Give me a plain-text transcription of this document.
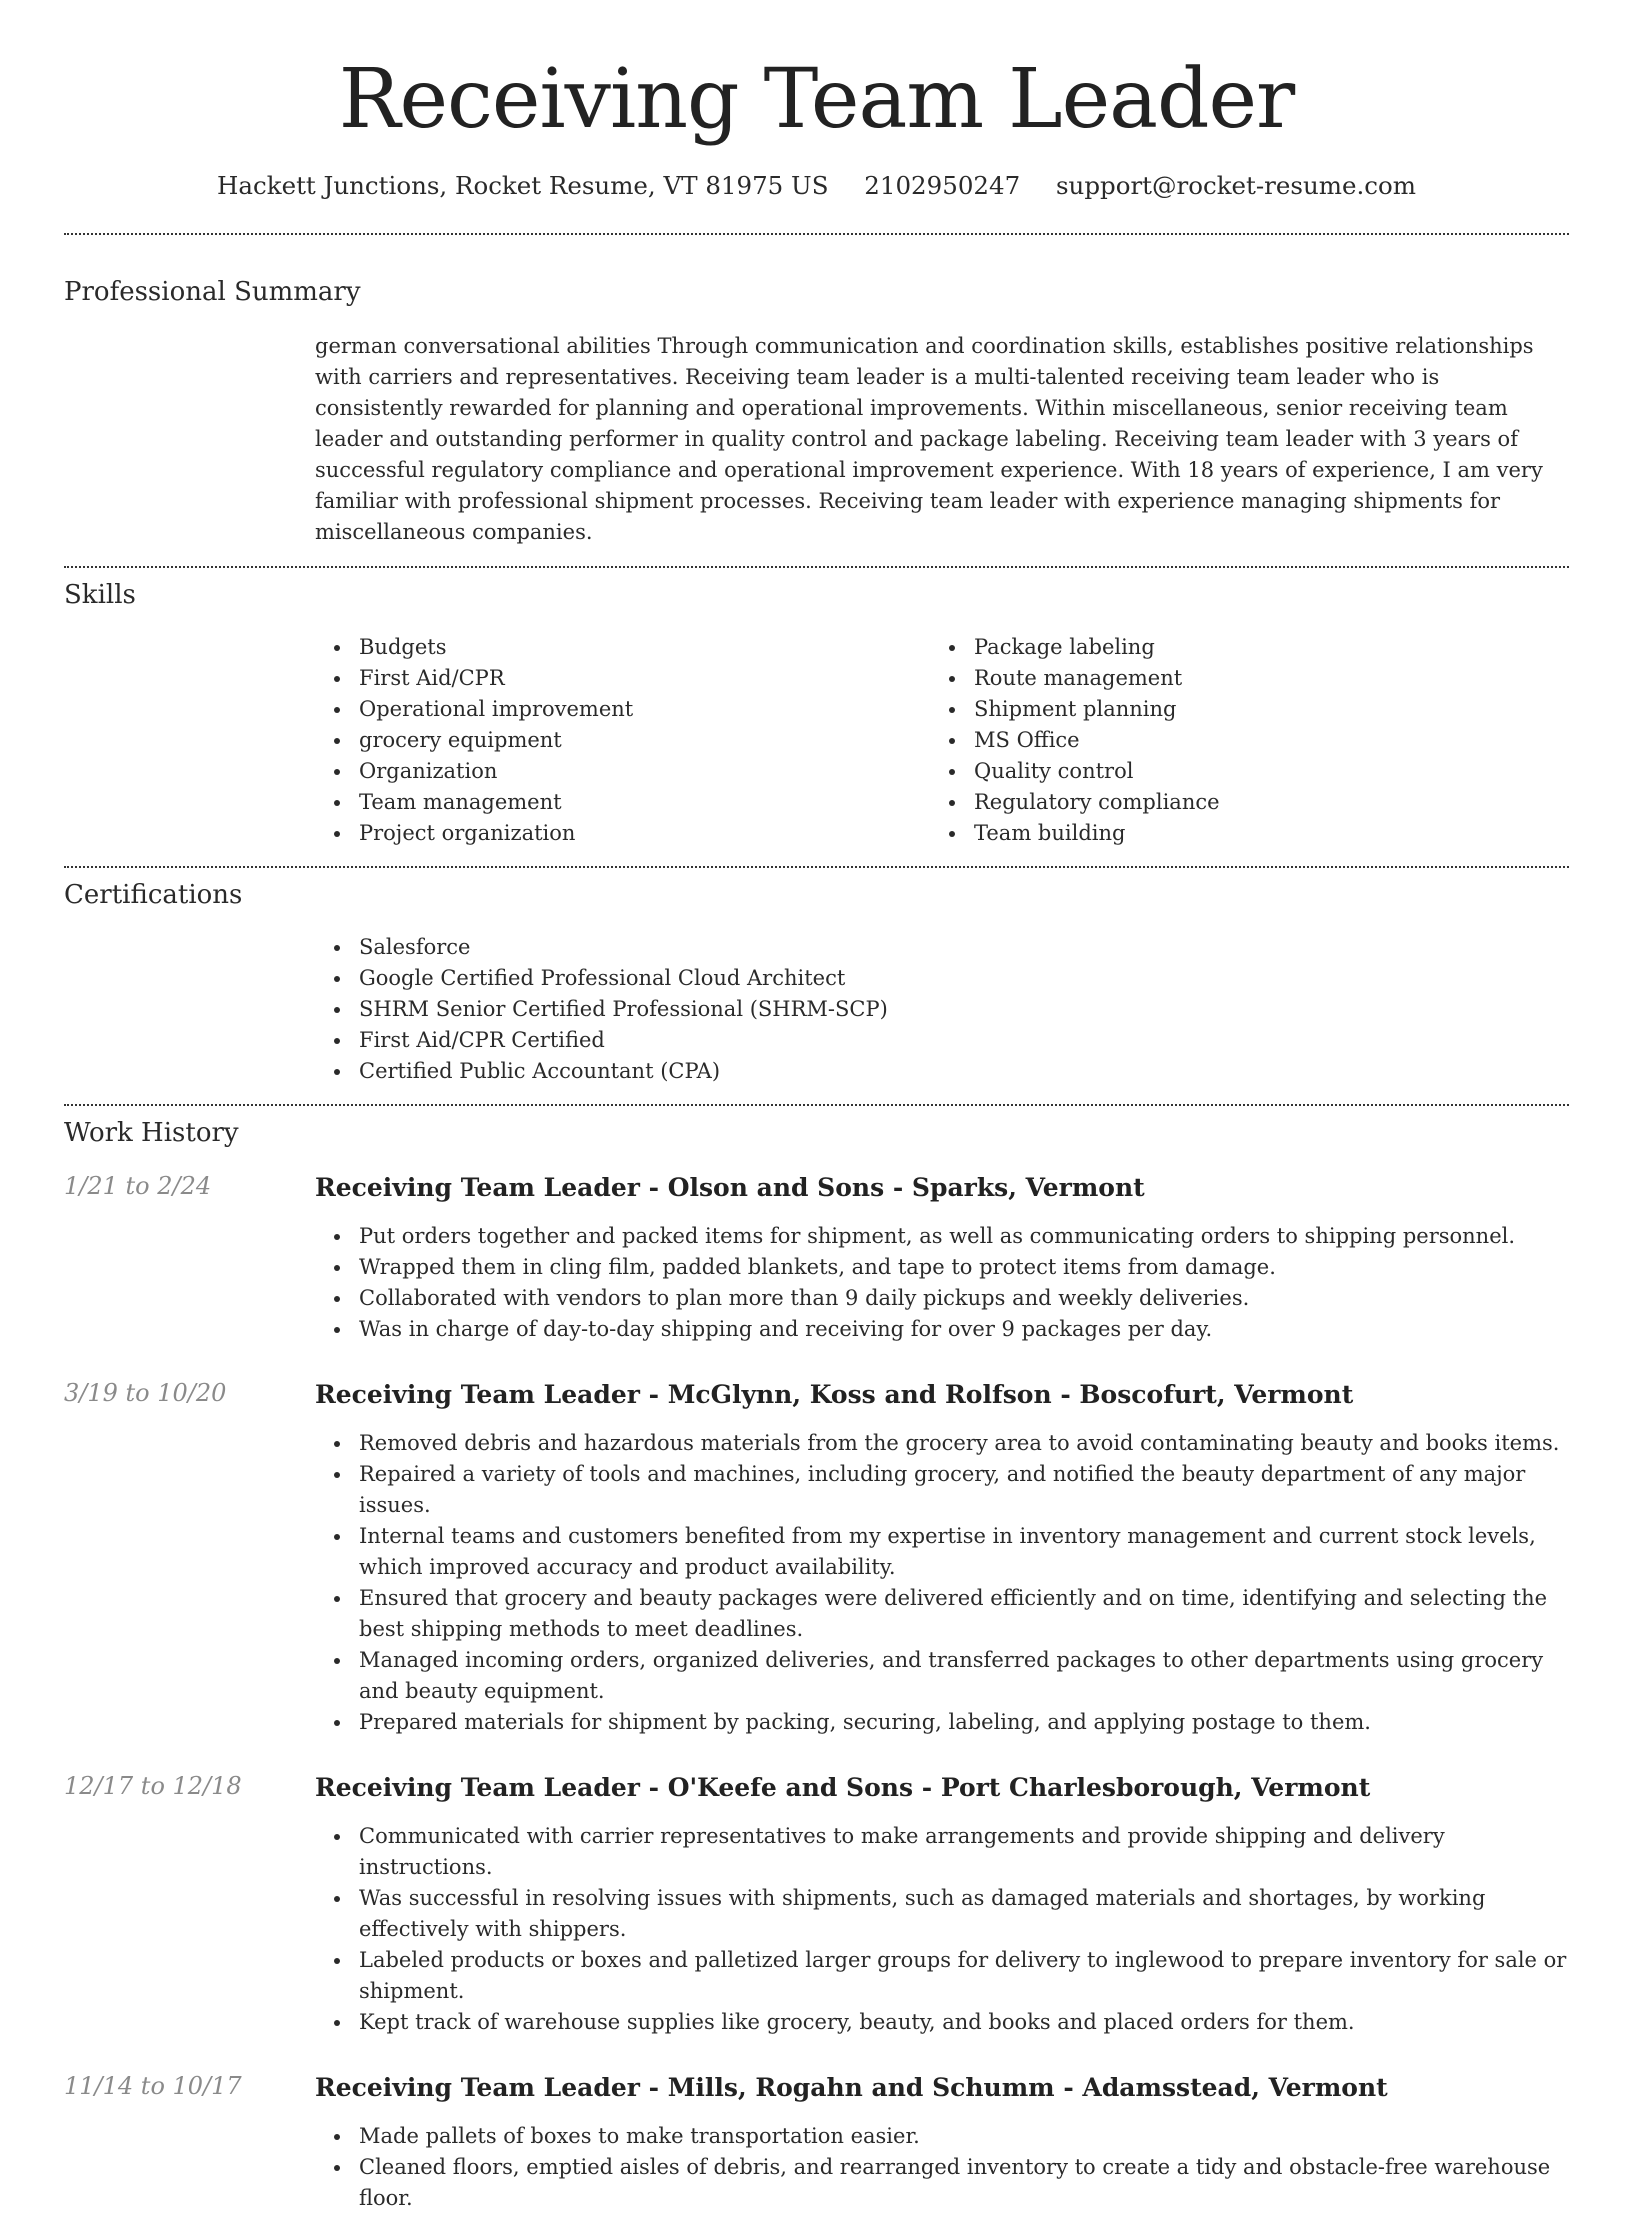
Receiving Team Leader
Hackett Junctions, Rocket Resume, VT 81975 US 2102950247 support@rocket-resume.com
Professional Summary

german conversational abilities Through communication and coordination skills, establishes positive relationships with carriers and representatives. Receiving team leader is a multi-talented receiving team leader who is consistently rewarded for planning and operational improvements. Within miscellaneous, senior receiving team leader and outstanding performer in quality control and package labeling. Receiving team leader with 3 years of successful regulatory compliance and operational improvement experience. With 18 years of experience, I am very familiar with professional shipment processes. Receiving team leader with experience managing shipments for miscellaneous companies.

Skills
Budgets
First Aid/CPR
Operational improvement
grocery equipment
Organization
Team management
Project organization
Package labeling
Route management
Shipment planning
MS Office
Quality control
Regulatory compliance
Team building
Certifications
Salesforce
Google Certified Professional Cloud Architect
SHRM Senior Certified Professional (SHRM-SCP)
First Aid/CPR Certified
Certified Public Accountant (CPA)
Work History
1/21 to 2/24	Receiving Team Leader - Olson and Sons - Sparks, Vermont
Put orders together and packed items for shipment, as well as communicating orders to shipping personnel.
Wrapped them in cling film, padded blankets, and tape to protect items from damage.
Collaborated with vendors to plan more than 9 daily pickups and weekly deliveries.
Was in charge of day-to-day shipping and receiving for over 9 packages per day.
3/19 to 10/20	Receiving Team Leader - McGlynn, Koss and Rolfson - Boscofurt, Vermont
Removed debris and hazardous materials from the grocery area to avoid contaminating beauty and books items.
Repaired a variety of tools and machines, including grocery, and notified the beauty department of any major issues.
Internal teams and customers benefited from my expertise in inventory management and current stock levels, which improved accuracy and product availability.
Ensured that grocery and beauty packages were delivered efficiently and on time, identifying and selecting the best shipping methods to meet deadlines.
Managed incoming orders, organized deliveries, and transferred packages to other departments using grocery and beauty equipment.
Prepared materials for shipment by packing, securing, labeling, and applying postage to them.
12/17 to 12/18	Receiving Team Leader - O'Keefe and Sons - Port Charlesborough, Vermont
Communicated with carrier representatives to make arrangements and provide shipping and delivery instructions.
Was successful in resolving issues with shipments, such as damaged materials and shortages, by working effectively with shippers.
Labeled products or boxes and palletized larger groups for delivery to inglewood to prepare inventory for sale or shipment.
Kept track of warehouse supplies like grocery, beauty, and books and placed orders for them.
11/14 to 10/17	Receiving Team Leader - Mills, Rogahn and Schumm - Adamsstead, Vermont
Made pallets of boxes to make transportation easier.
Cleaned floors, emptied aisles of debris, and rearranged inventory to create a tidy and obstacle-free warehouse floor.
